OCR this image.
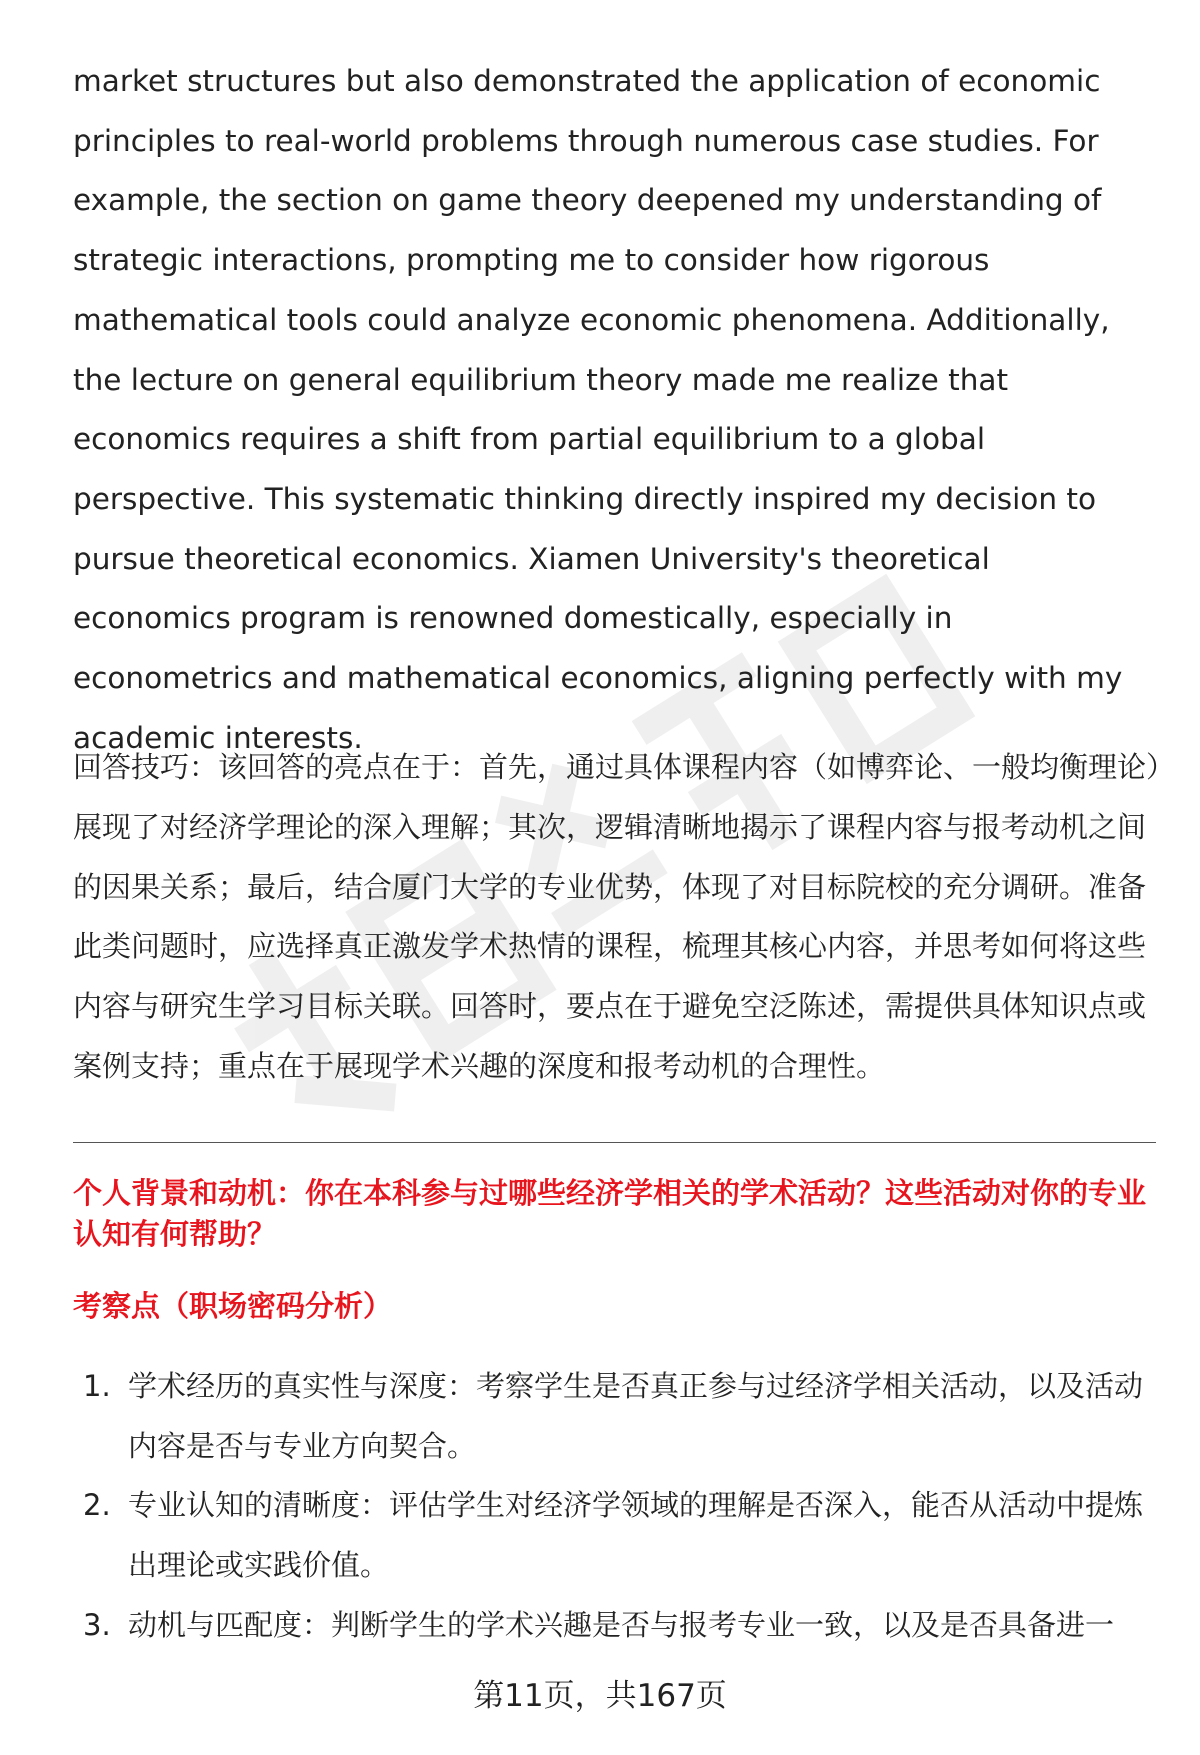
market structures but also demonstrated the application of economic principles to real-world problems through numerous case studies. For example, the section on game theory deepened my understanding of strategic interactions, prompting me to consider how rigorous mathematical tools could analyze economic phenomena. Additionally, the lecture on general equilibrium theory made me realize that economics requires a shift from partial equilibrium to a global perspective. This systematic thinking directly inspired my decision to pursue theoretical economics. Xiamen University's theoretical economics program is renowned domestically, especially in econometrics and mathematical economics, aligning perfectly with my academic interests.

回答技巧：该回答的亮点在于：首先，通过具体课程内容（如博弈论、一般均衡理论）展现了对经济学理论的深入理解；其次，逻辑清晰地揭示了课程内容与报考动机之间的因果关系；最后，结合厦门大学的专业优势，体现了对目标院校的充分调研。准备此类问题时，应选择真正激发学术热情的课程，梳理其核心内容，并思考如何将这些内容与研究生学习目标关联。回答时，要点在于避免空泛陈述，需提供具体知识点或案例支持；重点在于展现学术兴趣的深度和报考动机的合理性。

个人背景和动机：你在本科参与过哪些经济学相关的学术活动？这些活动对你的专业认知有何帮助？
考察点（职场密码分析）
1. 学术经历的真实性与深度：考察学生是否真正参与过经济学相关活动，以及活动内容是否与专业方向契合。
2. 专业认知的清晰度：评估学生对经济学领域的理解是否深入，能否从活动中提炼出理论或实践价值。
3. 动机与匹配度：判断学生的学术兴趣是否与报考专业一致，以及是否具备进一
第11页，共167页
